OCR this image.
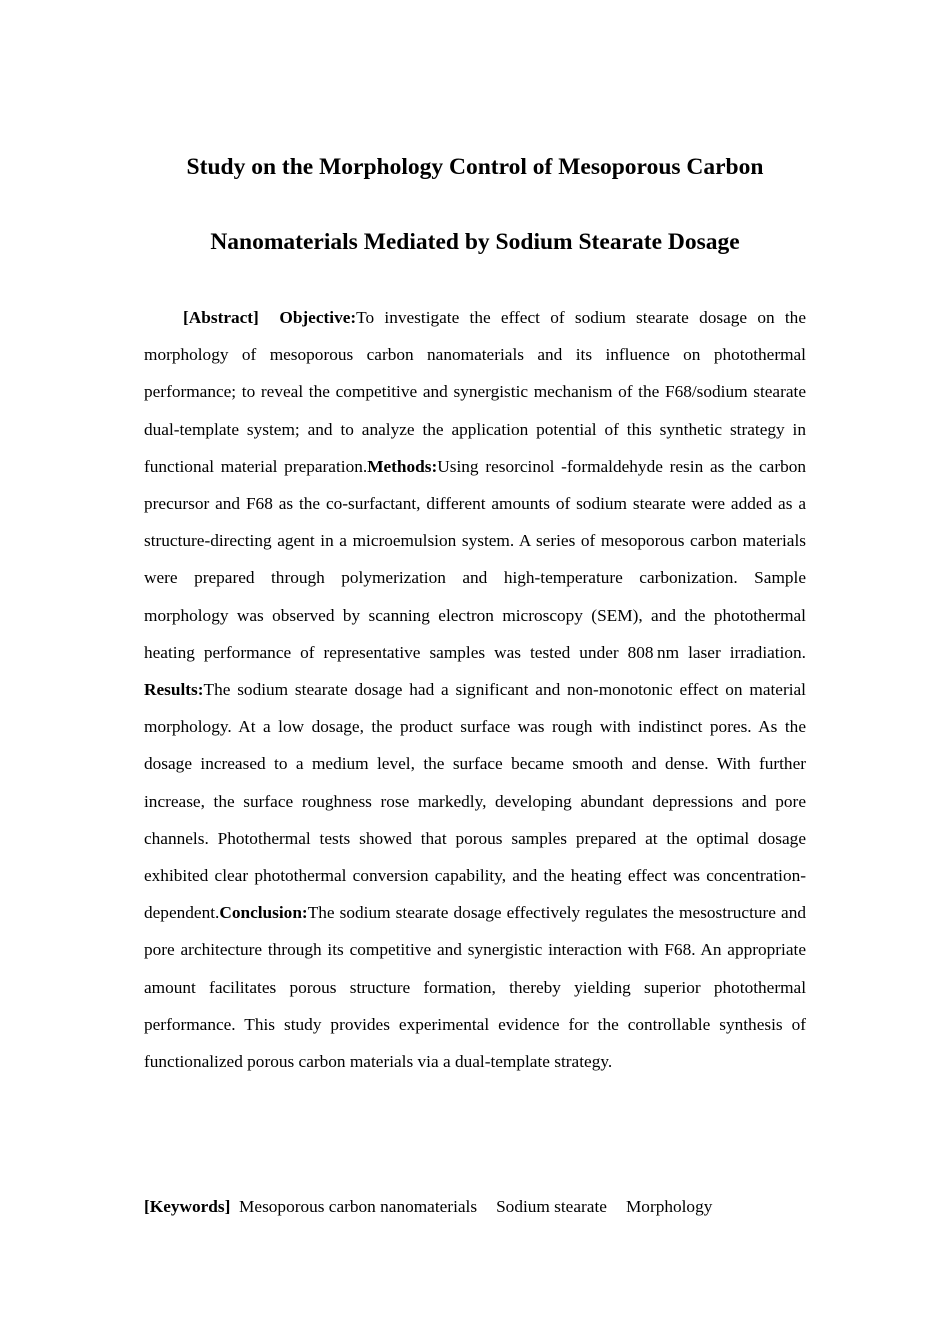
Study on the Morphology Control of Mesoporous Carbon
Nanomaterials Mediated by Sodium Stearate Dosage

[Abstract] Objective:To investigate the effect of sodium stearate dosage on the morphology of mesoporous carbon nanomaterials and its influence on photothermal performance; to reveal the competitive and synergistic mechanism of the F68/sodium stearate dual-template system; and to analyze the application potential of this synthetic strategy in functional material preparation.Methods:Using resorcinol -formaldehyde resin as the carbon precursor and F68 as the co-surfactant, different amounts of sodium stearate were added as a structure-directing agent in a microemulsion system. A series of mesoporous carbon materials were prepared through polymerization and high-temperature carbonization. Sample morphology was observed by scanning electron microscopy (SEM), and the photothermal heating performance of representative samples was tested under 808 nm laser irradiation. Results:The sodium stearate dosage had a significant and non-monotonic effect on material morphology. At a low dosage, the product surface was rough with indistinct pores. As the dosage increased to a medium level, the surface became smooth and dense. With further increase, the surface roughness rose markedly, developing abundant depressions and pore channels. Photothermal tests showed that porous samples prepared at the optimal dosage exhibited clear photothermal conversion capability, and the heating effect was concentration-dependent.Conclusion:The sodium stearate dosage effectively regulates the mesostructure and pore architecture through its competitive and synergistic interaction with F68. An appropriate amount facilitates porous structure formation, thereby yielding superior photothermal performance. This study provides experimental evidence for the controllable synthesis of functionalized porous carbon materials via a dual-template strategy.

[Keywords] Mesoporous carbon nanomaterials Sodium stearate Morphology
